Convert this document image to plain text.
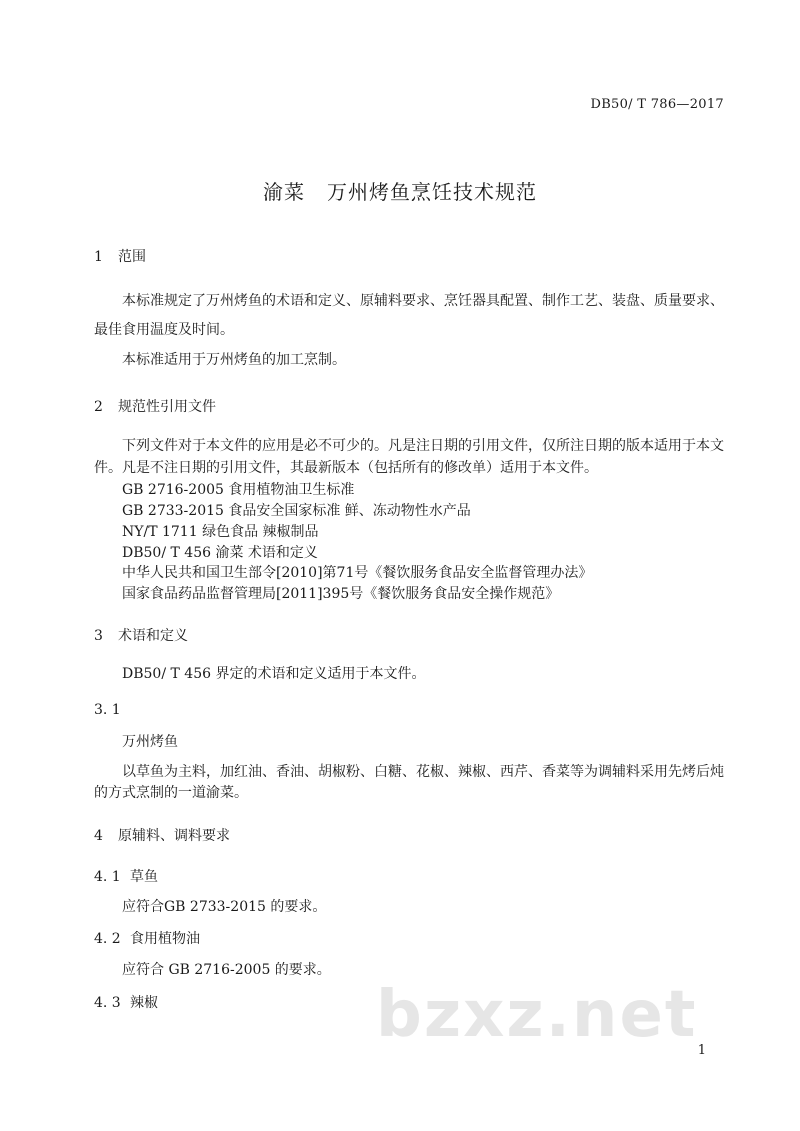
DB50/ T 786—2017
渝菜 万州烤鱼烹饪技术规范
1 范围
本标准规定了万州烤鱼的术语和定义、原辅料要求、烹饪器具配置、制作工艺、装盘、质量要求、
最佳食用温度及时间。
本标准适用于万州烤鱼的加工烹制。
2 规范性引用文件
下列文件对于本文件的应用是必不可少的。凡是注日期的引用文件，仅所注日期的版本适用于本文
件。凡是不注日期的引用文件，其最新版本（包括所有的修改单）适用于本文件。
GB 2716-2005 食用植物油卫生标准
GB 2733-2015 食品安全国家标准 鲜、冻动物性水产品
NY/T 1711 绿色食品 辣椒制品
DB50/ T 456 渝菜 术语和定义
中华人民共和国卫生部令[2010]第71号《餐饮服务食品安全监督管理办法》
国家食品药品监督管理局[2011]395号《餐饮服务食品安全操作规范》
3 术语和定义
DB50/ T 456 界定的术语和定义适用于本文件。
3. 1
万州烤鱼
以草鱼为主料，加红油、香油、胡椒粉、白糖、花椒、辣椒、西芹、香菜等为调辅料采用先烤后炖
的方式烹制的一道渝菜。
4 原辅料、调料要求
4. 1 草鱼
应符合GB 2733-2015 的要求。
4. 2 食用植物油
应符合 GB 2716-2005 的要求。
4. 3 辣椒	bzxz.net 1
